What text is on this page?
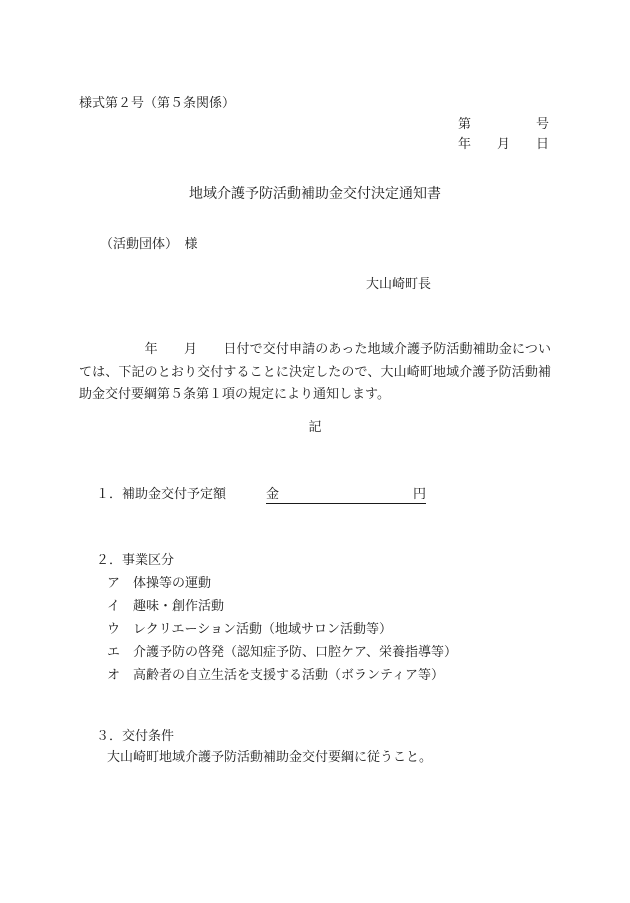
様式第２号（第５条関係）
第　　　　　号
年　　月　　日
地域介護予防活動補助金交付決定通知書
（活動団体）　様
大山崎町長
　　　　　年　　月　　日付で交付申請のあった地域介護予防活動補助金については、下記のとおり交付することに決定したので、大山崎町地域介護予防活動補助金交付要綱第５条第１項の規定により通知します。
記
１．補助金交付予定額	金	円
２．事業区分
ア 体操等の運動
イ 趣味・創作活動
ウ レクリエーション活動（地域サロン活動等）
エ 介護予防の啓発（認知症予防、口腔ケア、栄養指導等）
オ 高齢者の自立生活を支援する活動（ボランティア等）
３．交付条件
大山崎町地域介護予防活動補助金交付要綱に従うこと。
